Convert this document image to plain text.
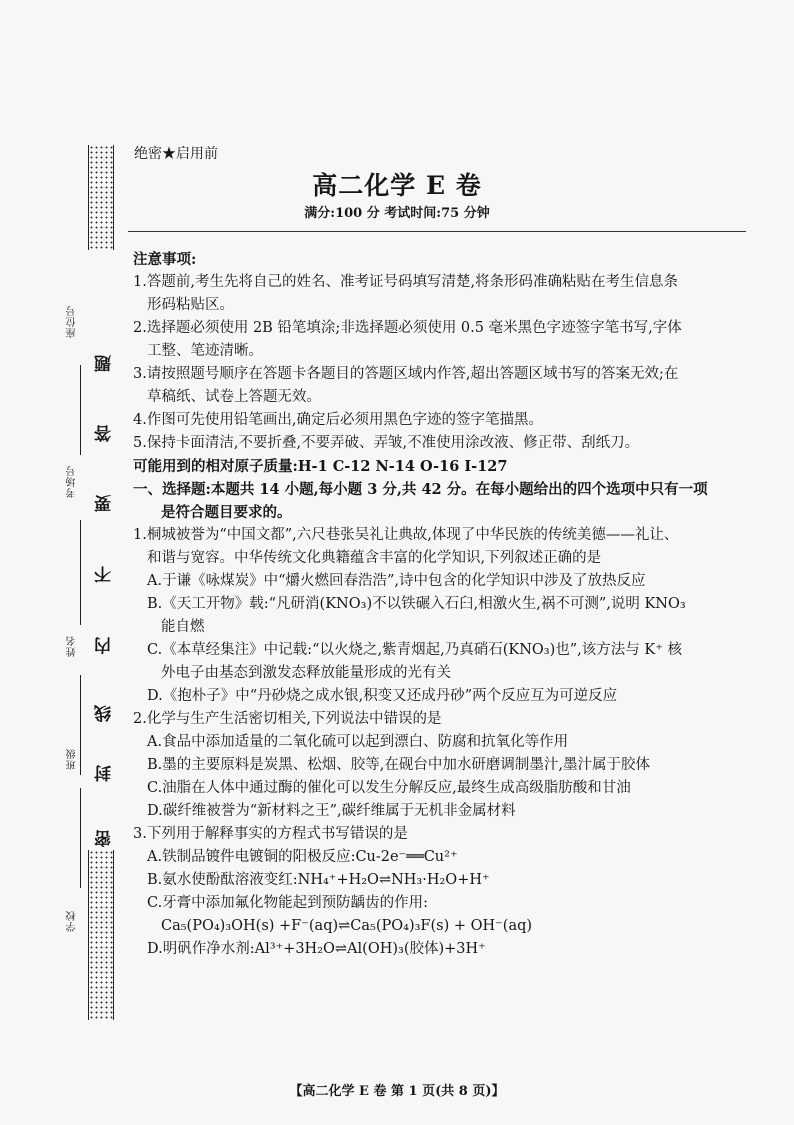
座位号
考场号
姓名
班级
学校
题
答
要
不
内
线
封
密
绝密★启用前
高二化学 E 卷
满分:100 分 考试时间:75 分钟

注意事项:

1.答题前,考生先将自己的姓名、准考证号码填写清楚,将条形码准确粘贴在考生信息条

形码粘贴区。

2.选择题必须使用 2B 铅笔填涂;非选择题必须使用 0.5 毫米黑色字迹签字笔书写,字体

工整、笔迹清晰。

3.请按照题号顺序在答题卡各题目的答题区域内作答,超出答题区域书写的答案无效;在

草稿纸、试卷上答题无效。

4.作图可先使用铅笔画出,确定后必须用黑色字迹的签字笔描黑。

5.保持卡面清洁,不要折叠,不要弄破、弄皱,不准使用涂改液、修正带、刮纸刀。

可能用到的相对原子质量:H-1 C-12 N-14 O-16 I-127

一、选择题:本题共 14 小题,每小题 3 分,共 42 分。在每小题给出的四个选项中只有一项

是符合题目要求的。

1.桐城被誉为“中国文都”,六尺巷张吴礼让典故,体现了中华民族的传统美德——礼让、

和谐与宽容。中华传统文化典籍蕴含丰富的化学知识,下列叙述正确的是

A.于谦《咏煤炭》中“爝火燃回春浩浩”,诗中包含的化学知识中涉及了放热反应

B.《天工开物》载:“凡研消(KNO₃)不以铁碾入石臼,相激火生,祸不可测”,说明 KNO₃

能自燃

C.《本草经集注》中记载:“以火烧之,紫青烟起,乃真硝石(KNO₃)也”,该方法与 K⁺ 核

外电子由基态到激发态释放能量形成的光有关

D.《抱朴子》中“丹砂烧之成水银,积变又还成丹砂”两个反应互为可逆反应

2.化学与生产生活密切相关,下列说法中错误的是

A.食品中添加适量的二氧化硫可以起到漂白、防腐和抗氧化等作用

B.墨的主要原料是炭黑、松烟、胶等,在砚台中加水研磨调制墨汁,墨汁属于胶体

C.油脂在人体中通过酶的催化可以发生分解反应,最终生成高级脂肪酸和甘油

D.碳纤维被誉为“新材料之王”,碳纤维属于无机非金属材料

3.下列用于解释事实的方程式书写错误的是

A.铁制品镀件电镀铜的阳极反应:Cu-2e⁻══Cu²⁺

B.氨水使酚酞溶液变红:NH₄⁺+H₂O⇌NH₃·H₂O+H⁺

C.牙膏中添加氟化物能起到预防龋齿的作用:

Ca₅(PO₄)₃OH(s) +F⁻(aq)⇌Ca₅(PO₄)₃F(s) + OH⁻(aq)

D.明矾作净水剂:Al³⁺+3H₂O⇌Al(OH)₃(胶体)+3H⁺

【高二化学 E 卷 第 1 页(共 8 页)】
